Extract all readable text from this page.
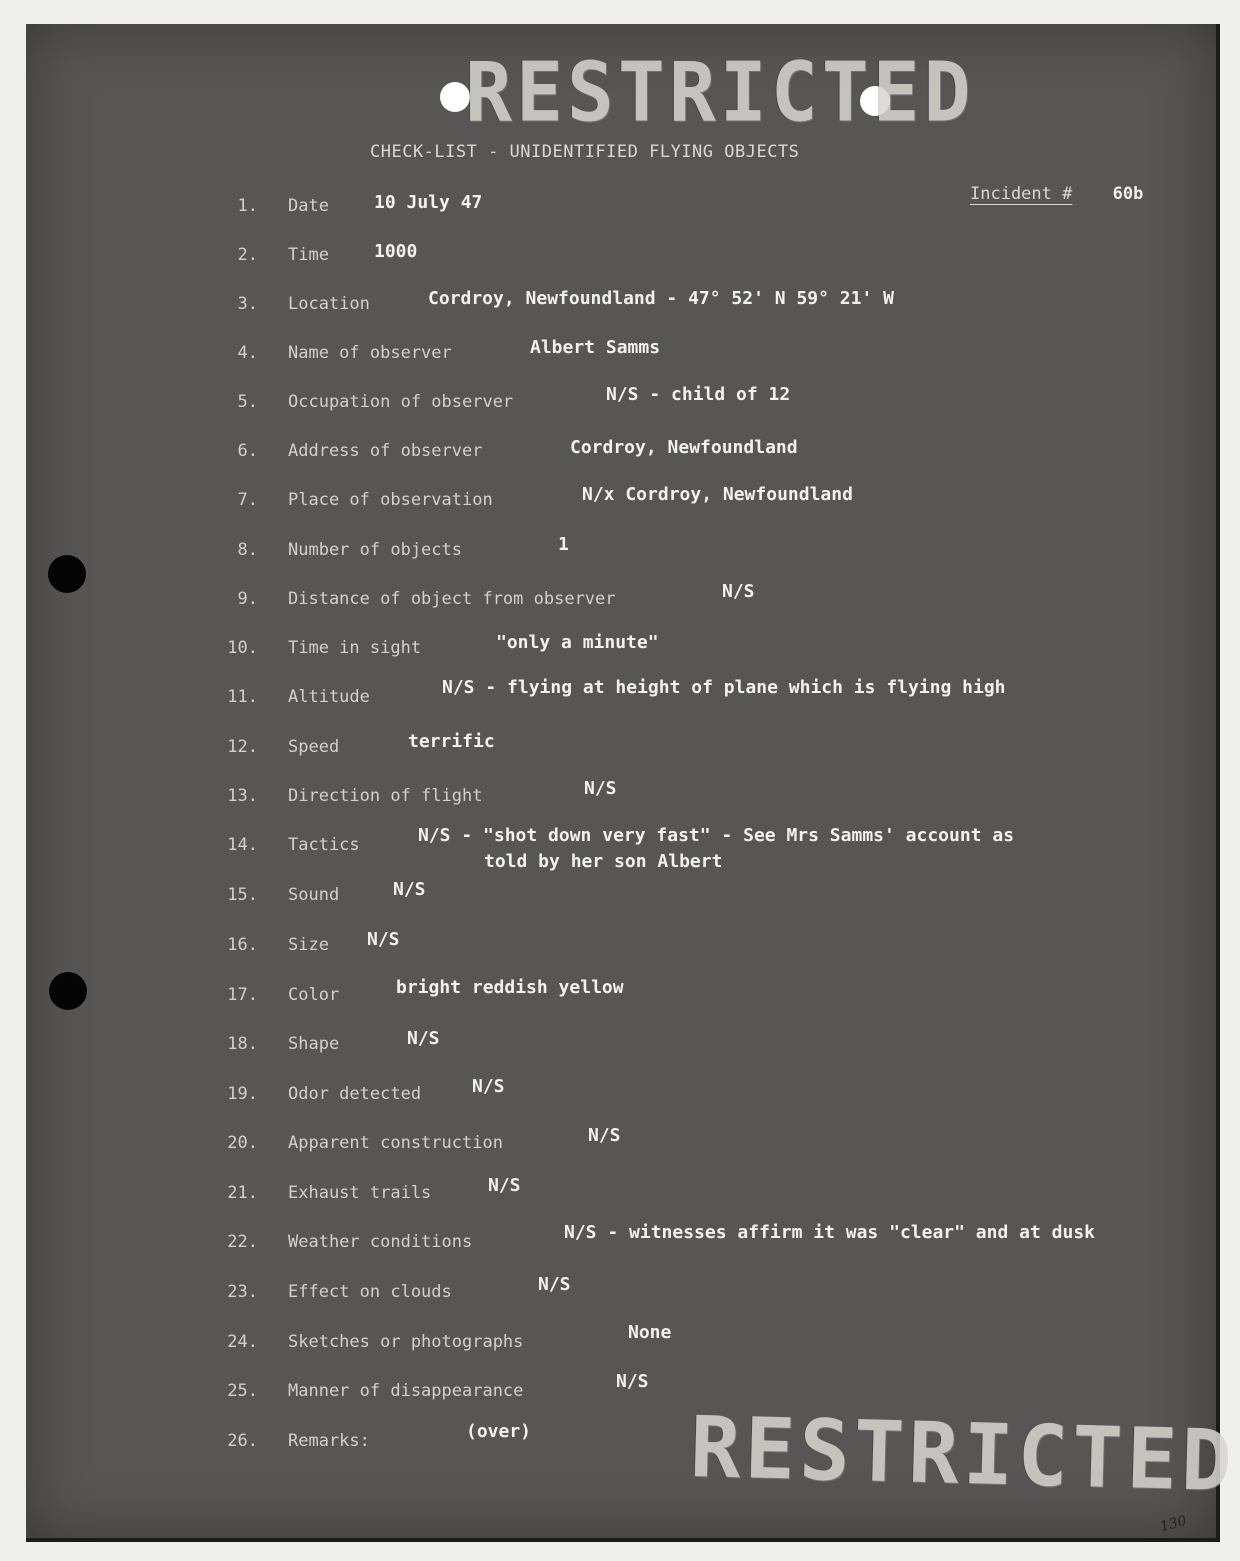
RESTRICTED
CHECK-LIST - UNIDENTIFIED FLYING OBJECTS
Incident # 60b
1. Date	10 July 47
2. Time	1000
3. Location	Cordroy, Newfoundland - 47° 52' N 59° 21' W
4. Name of observer	Albert Samms
5. Occupation of observer	N/S - child of 12
6. Address of observer	Cordroy, Newfoundland
7. Place of observation	N/x Cordroy, Newfoundland
8. Number of objects	1
9. Distance of object from observer	N/S
10. Time in sight	"only a minute"
11. Altitude	N/S - flying at height of plane which is flying high
12. Speed	terrific
13. Direction of flight	N/S
14. Tactics	N/S - "shot down very fast" - See Mrs Samms' account as
told by her son Albert
15. Sound	N/S
16. Size N/S
17. Color	bright reddish yellow
18. Shape	N/S
19. Odor detected	N/S
20. Apparent construction	N/S
21. Exhaust trails	N/S
22. Weather conditions	N/S - witnesses affirm it was "clear" and at dusk
23. Effect on clouds	N/S
24. Sketches or photographs	None
25. Manner of disappearance	N/S
26. Remarks:	(over) RESTRICTED
130
